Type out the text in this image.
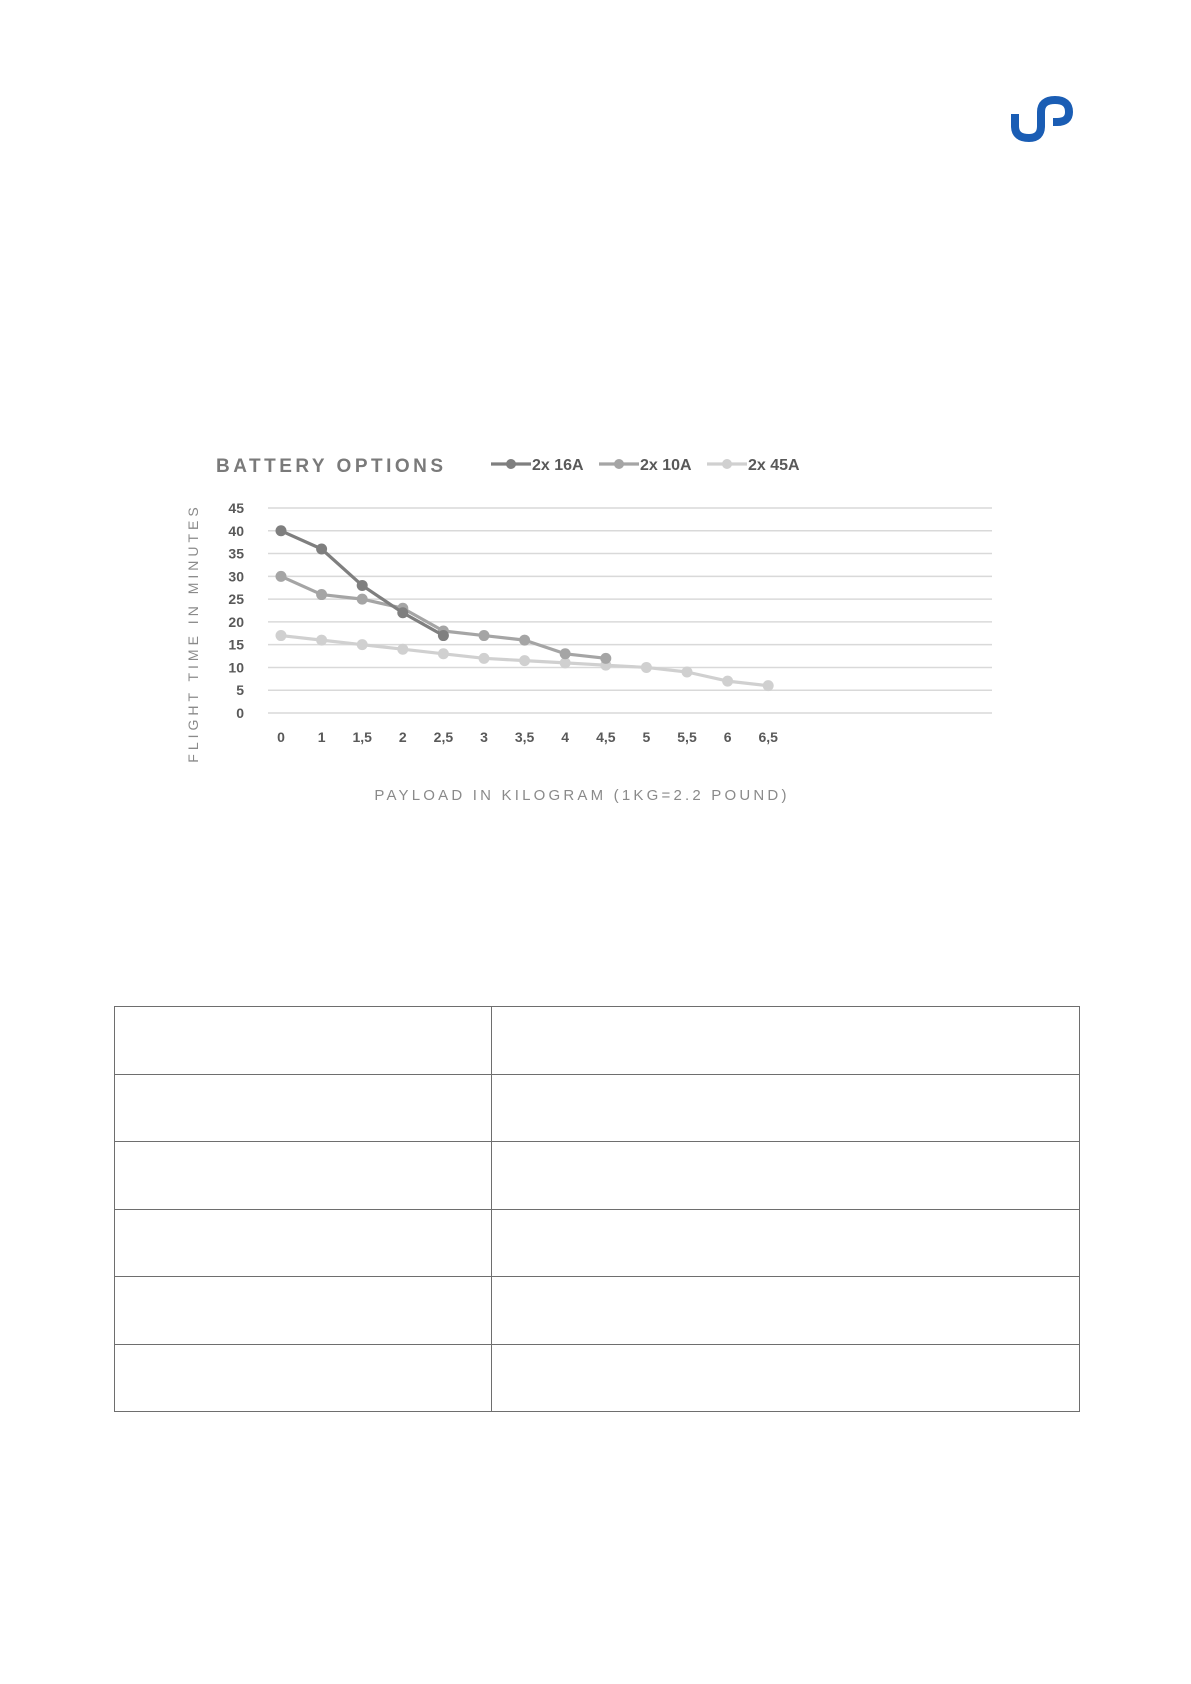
BATTERY OPTIONS	2x 16A	2x 10A	2x 45A
0
5
10
15
20
25
30
35
40
45
0 1 1,5 2 2,5 3 3,5 4 4,5 5 5,5 6 6,5
FLIGHT TIME IN MINUTES
PAYLOAD IN KILOGRAM (1KG=2.2 POUND)
